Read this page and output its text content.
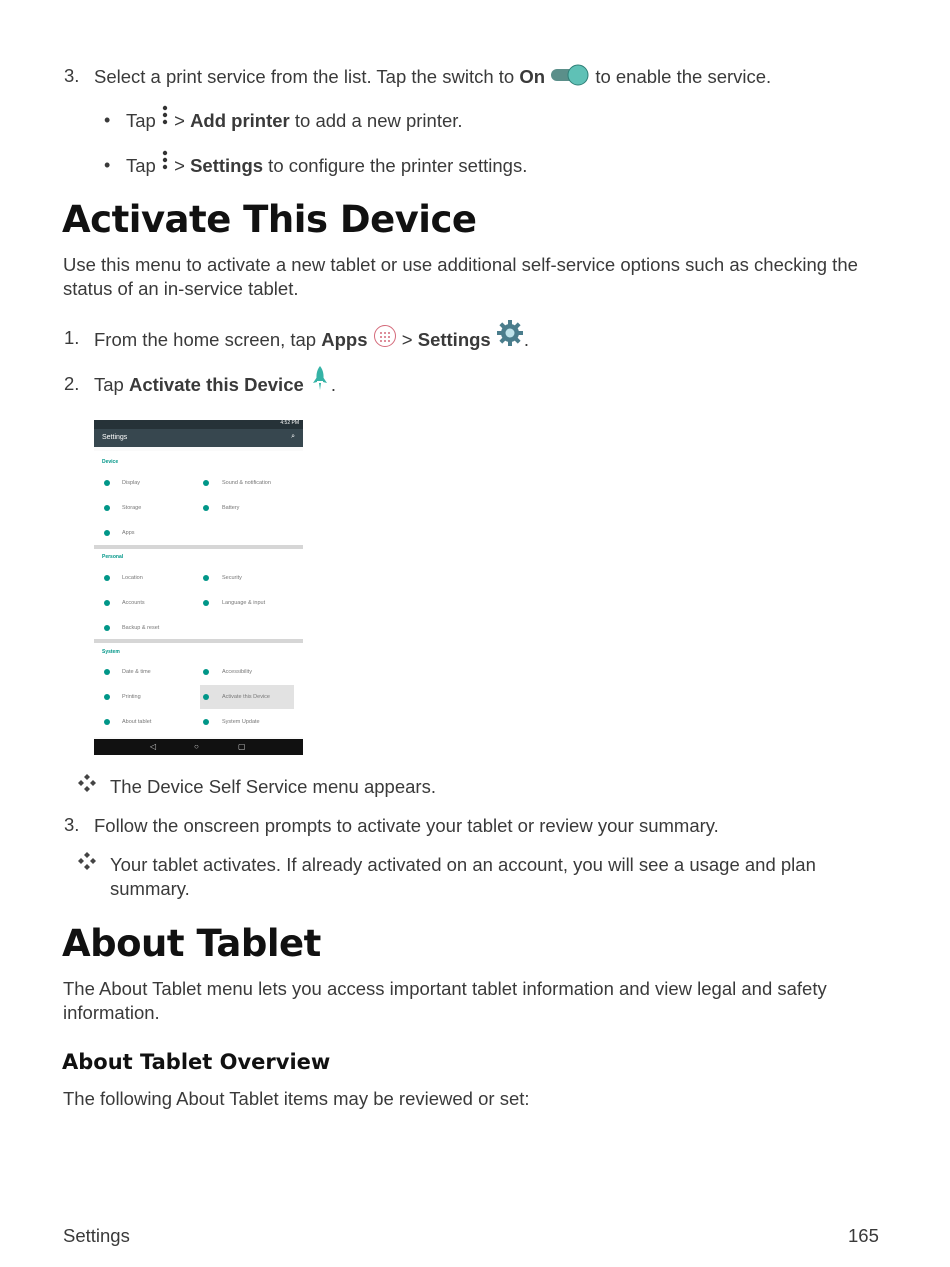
3. Select a print service from the list. Tap the switch to On  to enable the service.
• Tap  > Add printer to add a new printer.
• Tap  > Settings to configure the printer settings.
Activate This Device
Use this menu to activate a new tablet or use additional self-service options such as checking the status of an in-service tablet.
1. From the home screen, tap Apps  > Settings .
2. Tap Activate this Device .
4:52 PM
Settings	⌕
Device
Display	Sound & notification
Storage	Battery
Apps
Personal
Location	Security
Accounts	Language & input
Backup & reset
System
Date & time	Accessibility
Printing	Activate this Device
About tablet	System Update
◁	○	▢
The Device Self Service menu appears.
3. Follow the onscreen prompts to activate your tablet or review your summary.
Your tablet activates. If already activated on an account, you will see a usage and plan summary.
About Tablet
The About Tablet menu lets you access important tablet information and view legal and safety information.
About Tablet Overview
The following About Tablet items may be reviewed or set:
Settings	165
